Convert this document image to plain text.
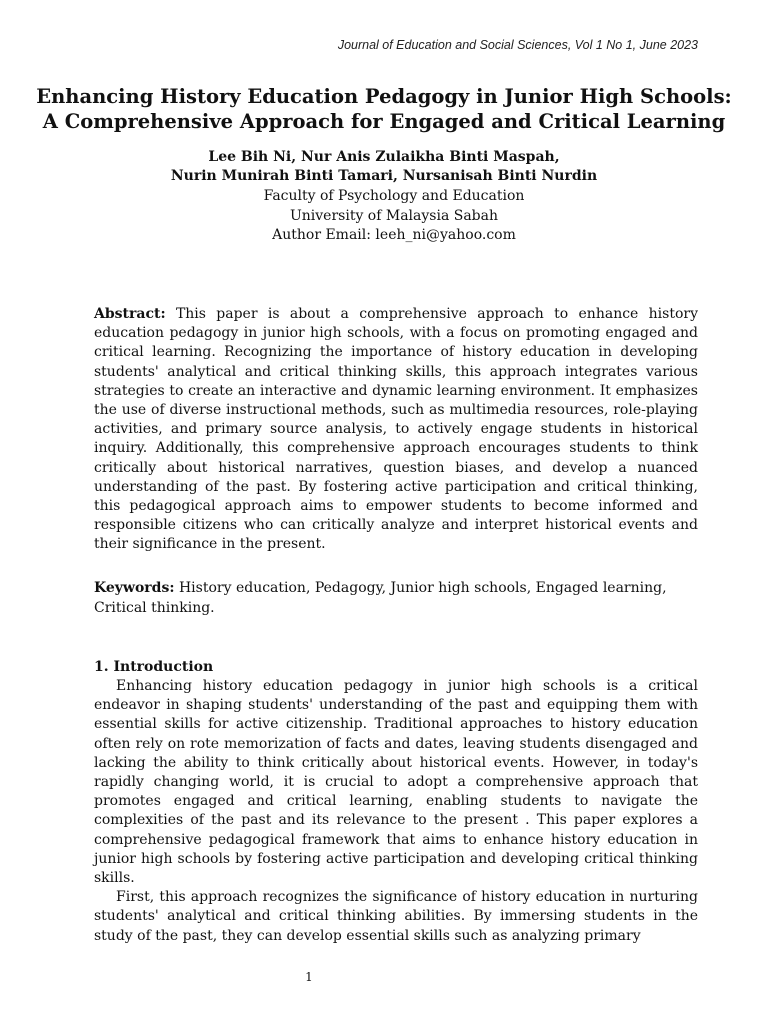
Journal of Education and Social Sciences, Vol 1 No 1, June 2023
Enhancing History Education Pedagogy in Junior High Schools:
A Comprehensive Approach for Engaged and Critical Learning
Lee Bih Ni, Nur Anis Zulaikha Binti Maspah,
Nurin Munirah Binti Tamari, Nursanisah Binti Nurdin
Faculty of Psychology and Education
University of Malaysia Sabah
Author Email: leeh_ni@yahoo.com

Abstract: This paper is about a comprehensive approach to enhance history education pedagogy in junior high schools, with a focus on promoting engaged and critical learning. Recognizing the importance of history education in developing students' analytical and critical thinking skills, this approach integrates various strategies to create an interactive and dynamic learning environment. It emphasizes the use of diverse instructional methods, such as multimedia resources, role-playing activities, and primary source analysis, to actively engage students in historical inquiry. Additionally, this comprehensive approach encourages students to think critically about historical narratives, question biases, and develop a nuanced understanding of the past. By fostering active participation and critical thinking, this pedagogical approach aims to empower students to become informed and responsible citizens who can critically analyze and interpret historical events and their significance in the present.

Keywords: History education, Pedagogy, Junior high schools, Engaged learning, Critical thinking.

1. Introduction

Enhancing history education pedagogy in junior high schools is a critical endeavor in shaping students' understanding of the past and equipping them with essential skills for active citizenship. Traditional approaches to history education often rely on rote memorization of facts and dates, leaving students disengaged and lacking the ability to think critically about historical events. However, in today's rapidly changing world, it is crucial to adopt a comprehensive approach that promotes engaged and critical learning, enabling students to navigate the complexities of the past and its relevance to the present . This paper explores a comprehensive pedagogical framework that aims to enhance history education in junior high schools by fostering active participation and developing critical thinking skills.

First, this approach recognizes the significance of history education in nurturing students' analytical and critical thinking abilities. By immersing students in the study of the past, they can develop essential skills such as analyzing primary

1
